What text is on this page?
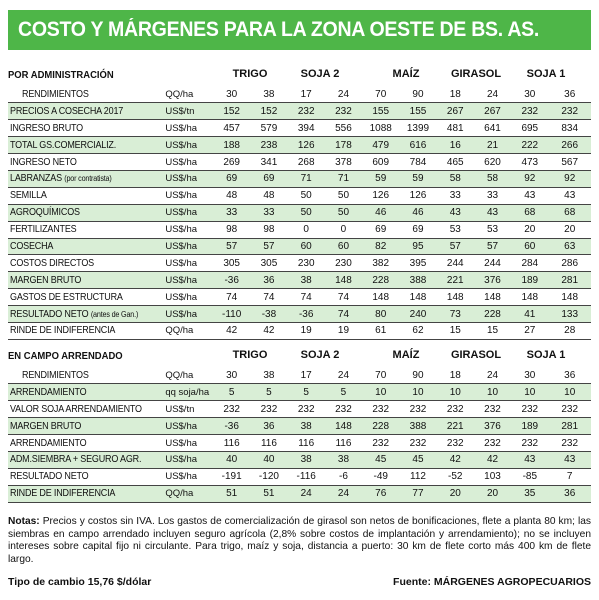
COSTO Y MÁRGENES PARA LA ZONA OESTE DE BS. AS.
POR ADMINISTRACIÓN	TRIGO	SOJA 2	MAÍZ	GIRASOL	SOJA 1
RENDIMIENTOS	QQ/ha	30	38	17	24	70	90	18	24	30	36
PRECIOS A COSECHA 2017	US$/tn	152	152	232	232	155	155	267	267	232	232
INGRESO BRUTO	US$/ha	457	579	394	556	1088	1399	481	641	695	834
TOTAL GS.COMERCIALIZ.	US$/ha	188	238	126	178	479	616	16	21	222	266
INGRESO NETO	US$/ha	269	341	268	378	609	784	465	620	473	567
LABRANZAS (por contratista)	US$/ha	69	69	71	71	59	59	58	58	92	92
SEMILLA	US$/ha	48	48	50	50	126	126	33	33	43	43
AGROQUÍMICOS	US$/ha	33	33	50	50	46	46	43	43	68	68
FERTILIZANTES	US$/ha	98	98	0	0	69	69	53	53	20	20
COSECHA	US$/ha	57	57	60	60	82	95	57	57	60	63
COSTOS DIRECTOS	US$/ha	305	305	230	230	382	395	244	244	284	286
MARGEN BRUTO	US$/ha	-36	36	38	148	228	388	221	376	189	281
GASTOS DE ESTRUCTURA	US$/ha	74	74	74	74	148	148	148	148	148	148
RESULTADO NETO (antes de Gan.)	US$/ha	-110	-38	-36	74	80	240	73	228	41	133
RINDE DE INDIFERENCIA	QQ/ha	42	42	19	19	61	62	15	15	27	28
EN CAMPO ARRENDADO	TRIGO	SOJA 2	MAÍZ	GIRASOL	SOJA 1
RENDIMIENTOS	QQ/ha	30	38	17	24	70	90	18	24	30	36
ARRENDAMIENTO	qq soja/ha	5	5	5	5	10	10	10	10	10	10
VALOR SOJA ARRENDAMIENTO	US$/tn	232	232	232	232	232	232	232	232	232	232
MARGEN BRUTO	US$/ha	-36	36	38	148	228	388	221	376	189	281
ARRENDAMIENTO	US$/ha	116	116	116	116	232	232	232	232	232	232
ADM.SIEMBRA + SEGURO AGR.	US$/ha	40	40	38	38	45	45	42	42	43	43
RESULTADO NETO	US$/ha	-191	-120	-116	-6	-49	112	-52	103	-85	7
RINDE DE INDIFERENCIA	QQ/ha	51	51	24	24	76	77	20	20	35	36
Notas: Precios y costos sin IVA. Los gastos de comercialización de girasol son netos de bonificaciones, flete a planta 80 km; las siembras en campo arrendado incluyen seguro agrícola (2,8% sobre costos de implantación y arrendamiento); no se incluyen intereses sobre capital fijo ni circulante. Para trigo, maíz y soja, distancia a puerto: 30 km de flete corto más 400 km de flete largo.
Tipo de cambio 15,76 $/dólar	Fuente: MÁRGENES AGROPECUARIOS
